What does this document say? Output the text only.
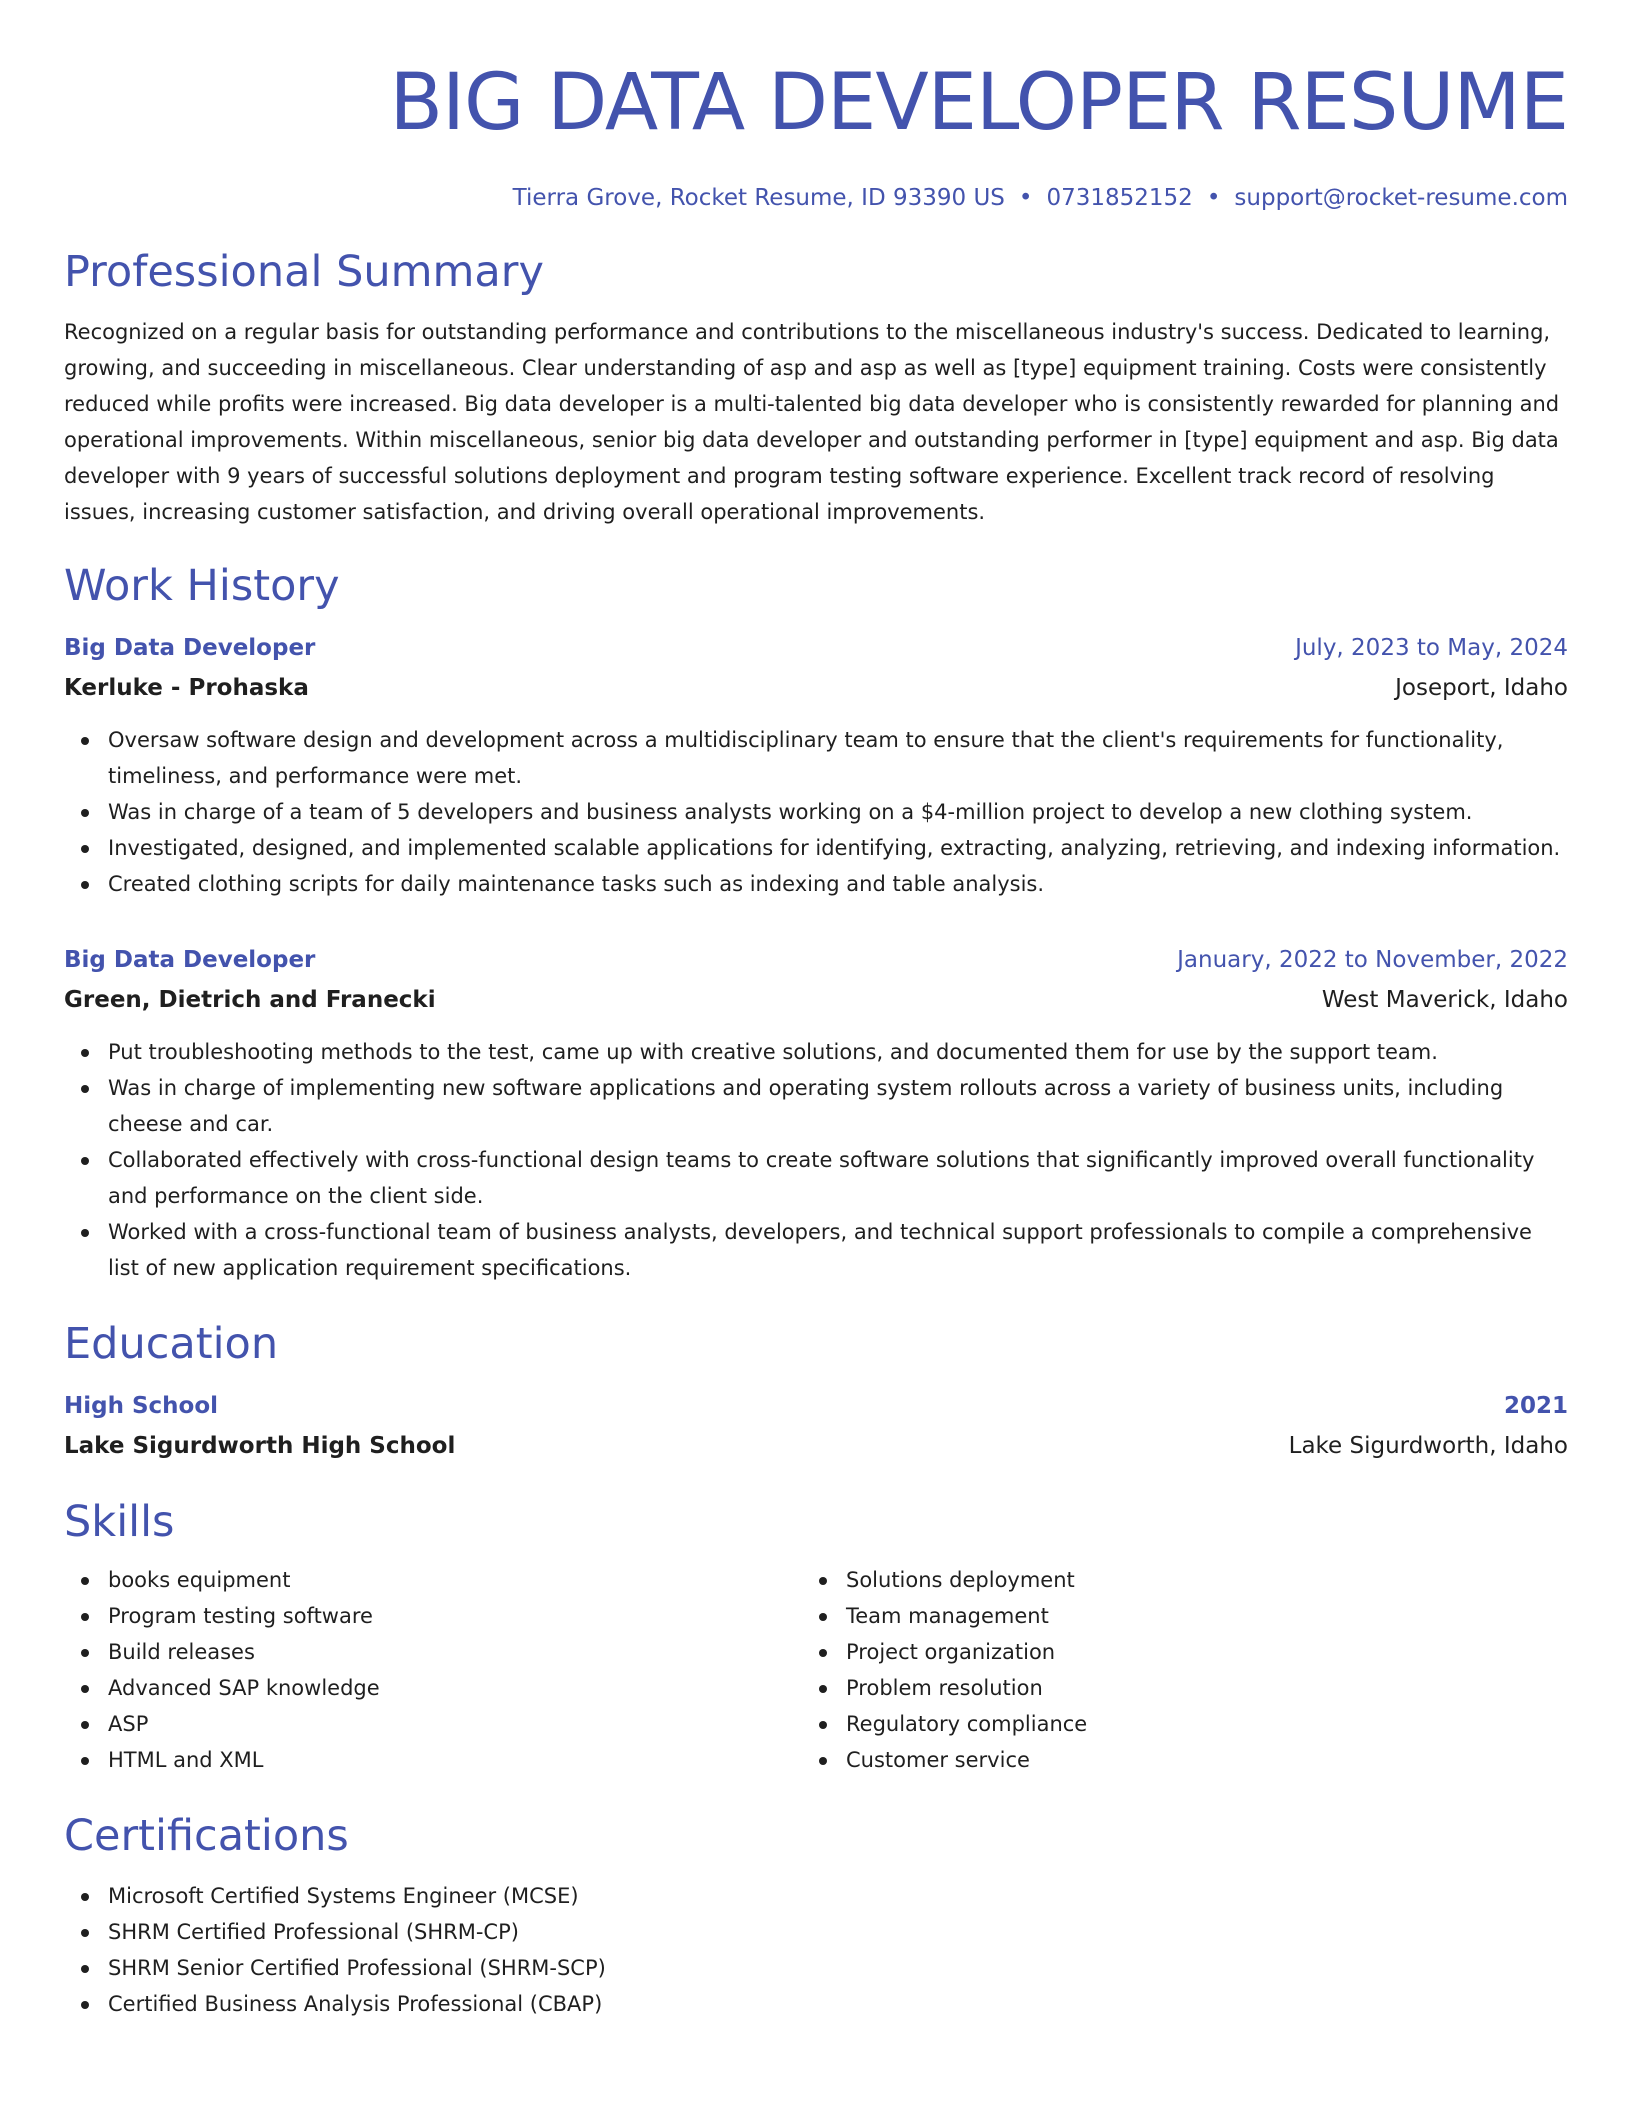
BIG DATA DEVELOPER RESUME
Tierra Grove, Rocket Resume, ID 93390 US • 0731852152 • support@rocket-resume.com
Professional Summary
Recognized on a regular basis for outstanding performance and contributions to the miscellaneous industry's success. Dedicated to learning, growing, and succeeding in miscellaneous. Clear understanding of asp and asp as well as [type] equipment training. Costs were consistently reduced while profits were increased. Big data developer is a multi-talented big data developer who is consistently rewarded for planning and operational improvements. Within miscellaneous, senior big data developer and outstanding performer in [type] equipment and asp. Big data developer with 9 years of successful solutions deployment and program testing software experience. Excellent track record of resolving issues, increasing customer satisfaction, and driving overall operational improvements.
Work History
Big Data Developer	July, 2023 to May, 2024
Kerluke - Prohaska	Joseport, Idaho
Oversaw software design and development across a multidisciplinary team to ensure that the client's requirements for functionality, timeliness, and performance were met.
Was in charge of a team of 5 developers and business analysts working on a $4-million project to develop a new clothing system.
Investigated, designed, and implemented scalable applications for identifying, extracting, analyzing, retrieving, and indexing information.
Created clothing scripts for daily maintenance tasks such as indexing and table analysis.
Big Data Developer	January, 2022 to November, 2022
Green, Dietrich and Franecki	West Maverick, Idaho
Put troubleshooting methods to the test, came up with creative solutions, and documented them for use by the support team.
Was in charge of implementing new software applications and operating system rollouts across a variety of business units, including cheese and car.
Collaborated effectively with cross-functional design teams to create software solutions that significantly improved overall functionality and performance on the client side.
Worked with a cross-functional team of business analysts, developers, and technical support professionals to compile a comprehensive list of new application requirement specifications.
Education
High School	2021
Lake Sigurdworth High School	Lake Sigurdworth, Idaho
Skills
books equipment
Program testing software
Build releases
Advanced SAP knowledge
ASP
HTML and XML
Solutions deployment
Team management
Project organization
Problem resolution
Regulatory compliance
Customer service
Certifications
Microsoft Certified Systems Engineer (MCSE)
SHRM Certified Professional (SHRM-CP)
SHRM Senior Certified Professional (SHRM-SCP)
Certified Business Analysis Professional (CBAP)
